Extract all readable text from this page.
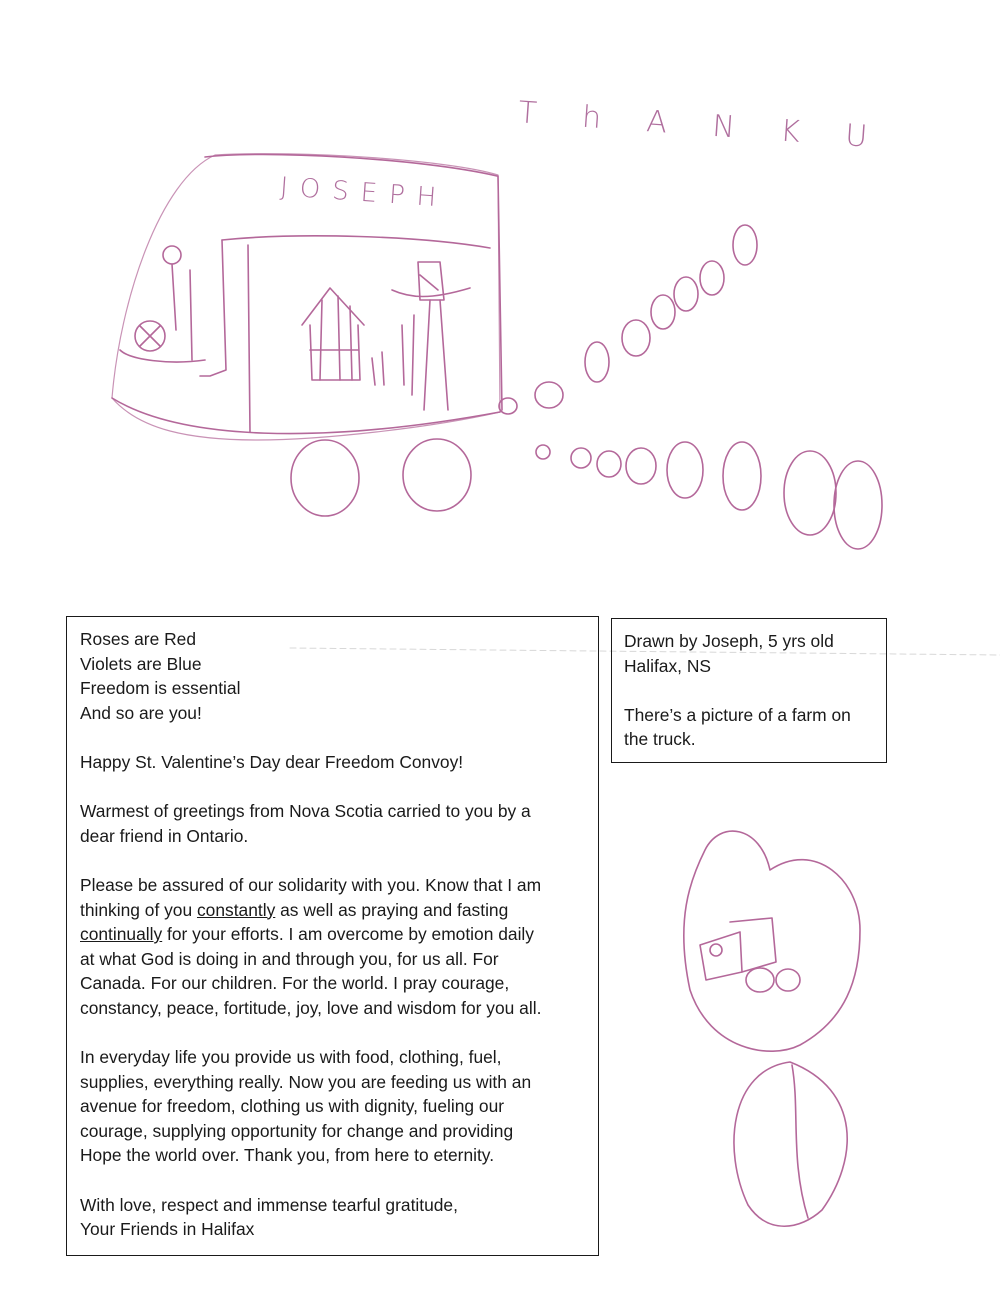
T h A N K U
JOSEPH

Roses are Red
Violets are Blue
Freedom is essential
And so are you!

Happy St. Valentine’s Day dear Freedom Convoy!

Warmest of greetings from Nova Scotia carried to you by a
dear friend in Ontario.

Please be assured of our solidarity with you. Know that I am
thinking of you constantly as well as praying and fasting
continually for your efforts. I am overcome by emotion daily
at what God is doing in and through you, for us all. For
Canada. For our children. For the world. I pray courage,
constancy, peace, fortitude, joy, love and wisdom for you all.

In everyday life you provide us with food, clothing, fuel,
supplies, everything really. Now you are feeding us with an
avenue for freedom, clothing us with dignity, fueling our
courage, supplying opportunity for change and providing
Hope the world over. Thank you, from here to eternity.

With love, respect and immense tearful gratitude,
Your Friends in Halifax

Drawn by Joseph, 5 yrs old
Halifax, NS

There’s a picture of a farm on
the truck.
